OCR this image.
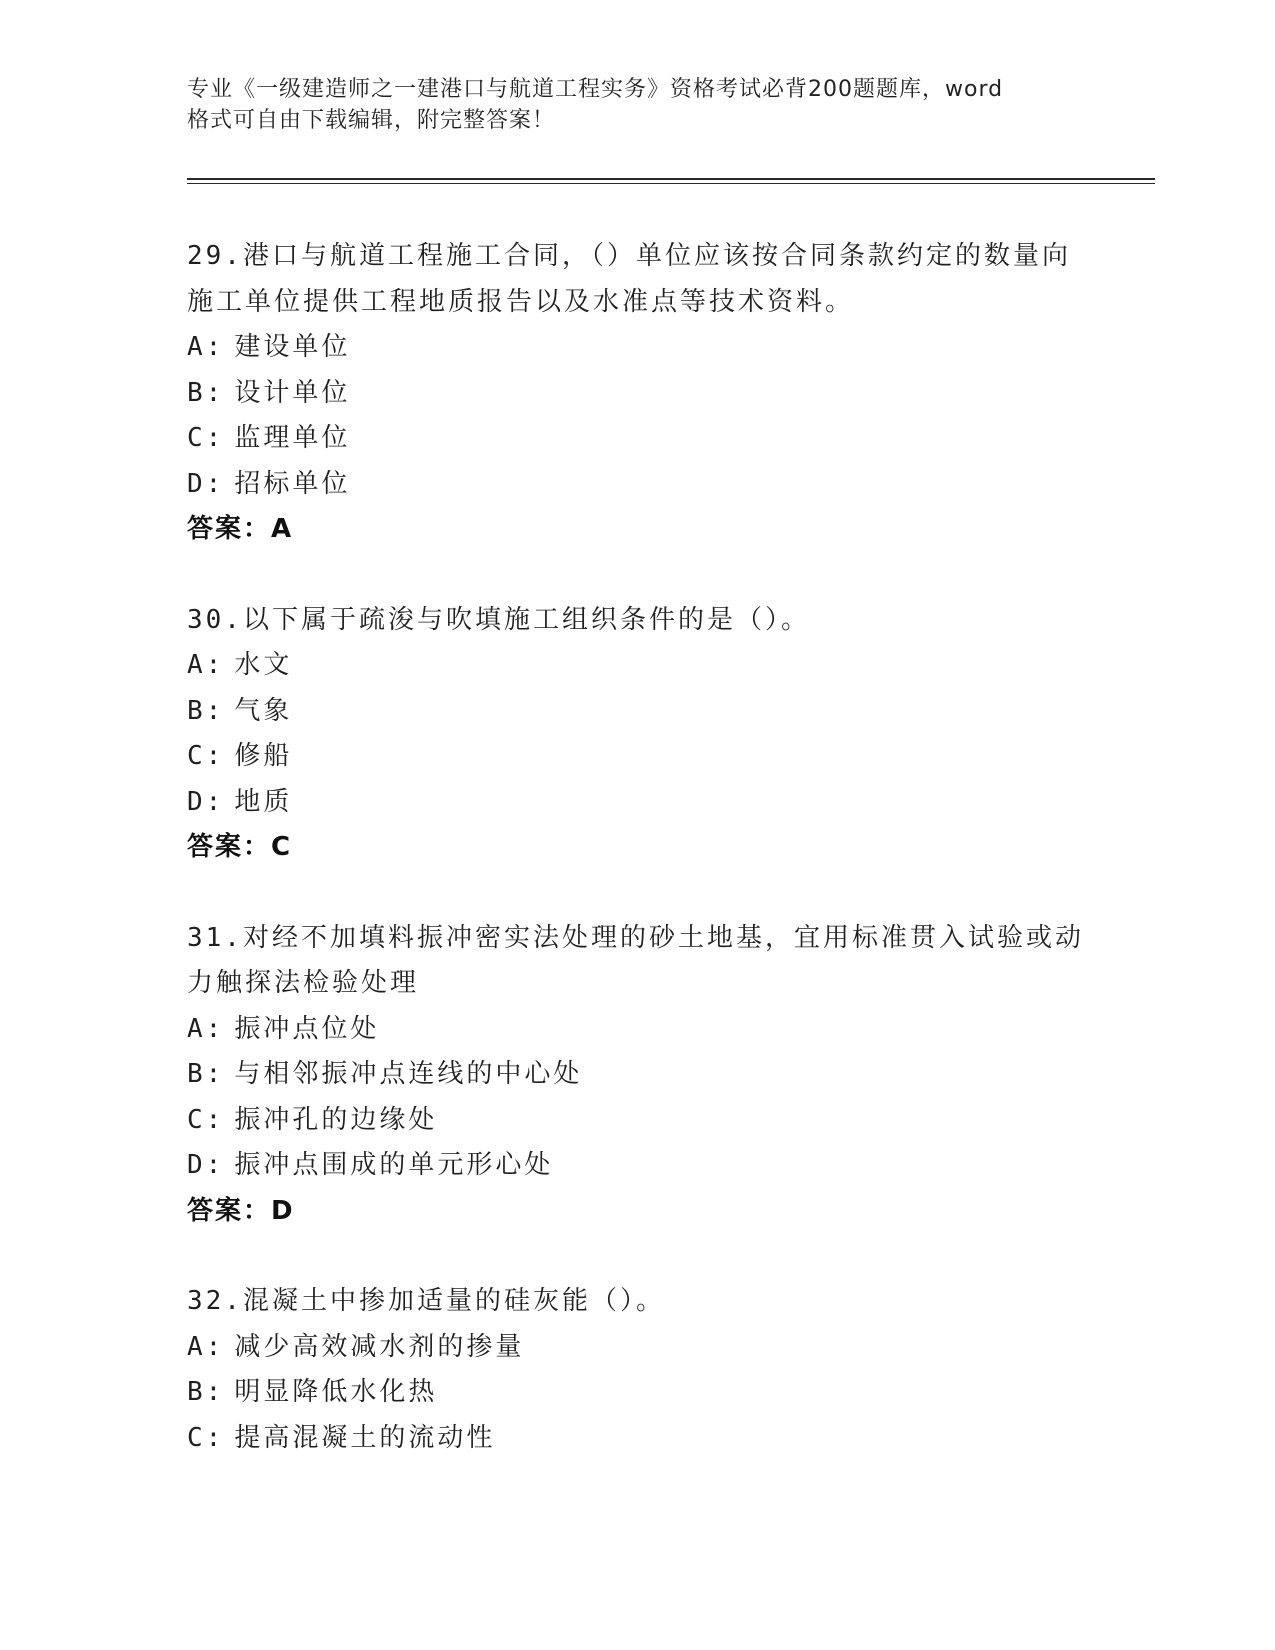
专业《一级建造师之一建港口与航道工程实务》资格考试必背200题题库，word
格式可自由下载编辑，附完整答案！
29.港口与航道工程施工合同，（）单位应该按合同条款约定的数量向施工单位提供工程地质报告以及水准点等技术资料。
A: 建设单位
B: 设计单位
C: 监理单位
D: 招标单位
答案：A
30.以下属于疏浚与吹填施工组织条件的是（）。
A: 水文
B: 气象
C: 修船
D: 地质
答案：C
31.对经不加填料振冲密实法处理的砂土地基，宜用标准贯入试验或动力触探法检验处理
A: 振冲点位处
B: 与相邻振冲点连线的中心处
C: 振冲孔的边缘处
D: 振冲点围成的单元形心处
答案：D
32.混凝土中掺加适量的硅灰能（）。
A: 减少高效减水剂的掺量
B: 明显降低水化热
C: 提高混凝土的流动性
